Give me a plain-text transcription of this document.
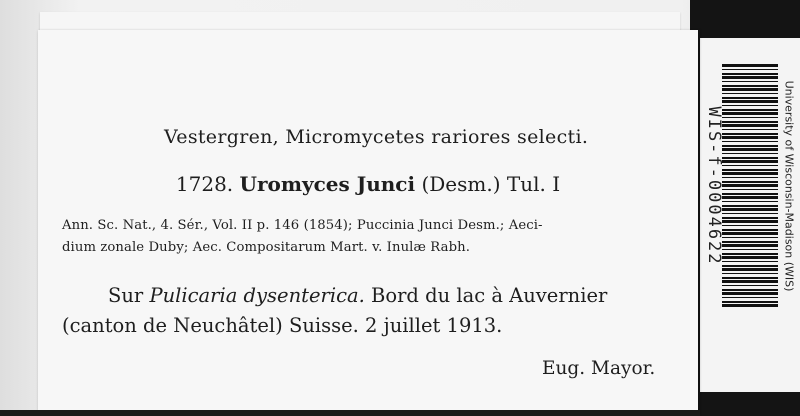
WIS-f-0004622	University of Wisconsin-Madison (WIS)
Vestergren, Micromycetes rariores selecti.
1728. Uromyces Junci (Desm.) Tul. I
Ann. Sc. Nat., 4. Sér., Vol. II p. 146 (1854); Puccinia Junci Desm.; Aeci-
dium zonale Duby; Aec. Compositarum Mart. v. Inulæ Rabh.
Sur Pulicaria dysenterica. Bord du lac à Auvernier
(canton de Neuchâtel) Suisse. 2 juillet 1913.
Eug. Mayor.
